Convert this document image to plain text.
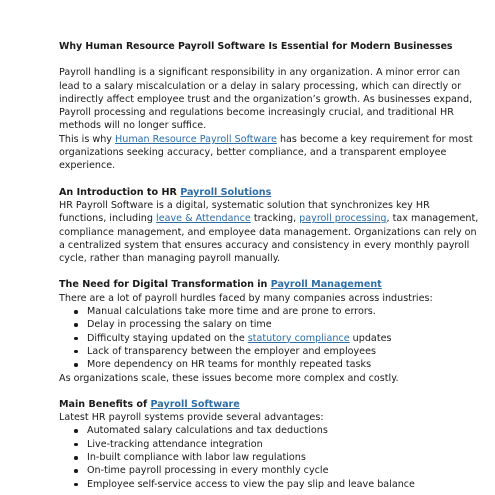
Why Human Resource Payroll Software Is Essential for Modern Businesses

Payroll handling is a significant responsibility in any organization. A minor error can lead to a salary miscalculation or a delay in salary processing, which can directly or indirectly affect employee trust and the organization’s growth. As businesses expand, Payroll processing and regulations become increasingly crucial, and traditional HR methods will no longer suffice.

This is why Human Resource Payroll Software has become a key requirement for most organizations seeking accuracy, better compliance, and a transparent employee experience.

An Introduction to HR Payroll Solutions

HR Payroll Software is a digital, systematic solution that synchronizes key HR functions, including leave & Attendance tracking, payroll processing, tax management, compliance management, and employee data management. Organizations can rely on a centralized system that ensures accuracy and consistency in every monthly payroll cycle, rather than managing payroll manually.

The Need for Digital Transformation in Payroll Management

There are a lot of payroll hurdles faced by many companies across industries:

Manual calculations take more time and are prone to errors.
Delay in processing the salary on time
Difficulty staying updated on the statutory compliance updates
Lack of transparency between the employer and employees
More dependency on HR teams for monthly repeated tasks

As organizations scale, these issues become more complex and costly.

Main Benefits of Payroll Software

Latest HR payroll systems provide several advantages:

Automated salary calculations and tax deductions
Live-tracking attendance integration
In-built compliance with labor law regulations
On-time payroll processing in every monthly cycle
Employee self-service access to view the pay slip and leave balance
